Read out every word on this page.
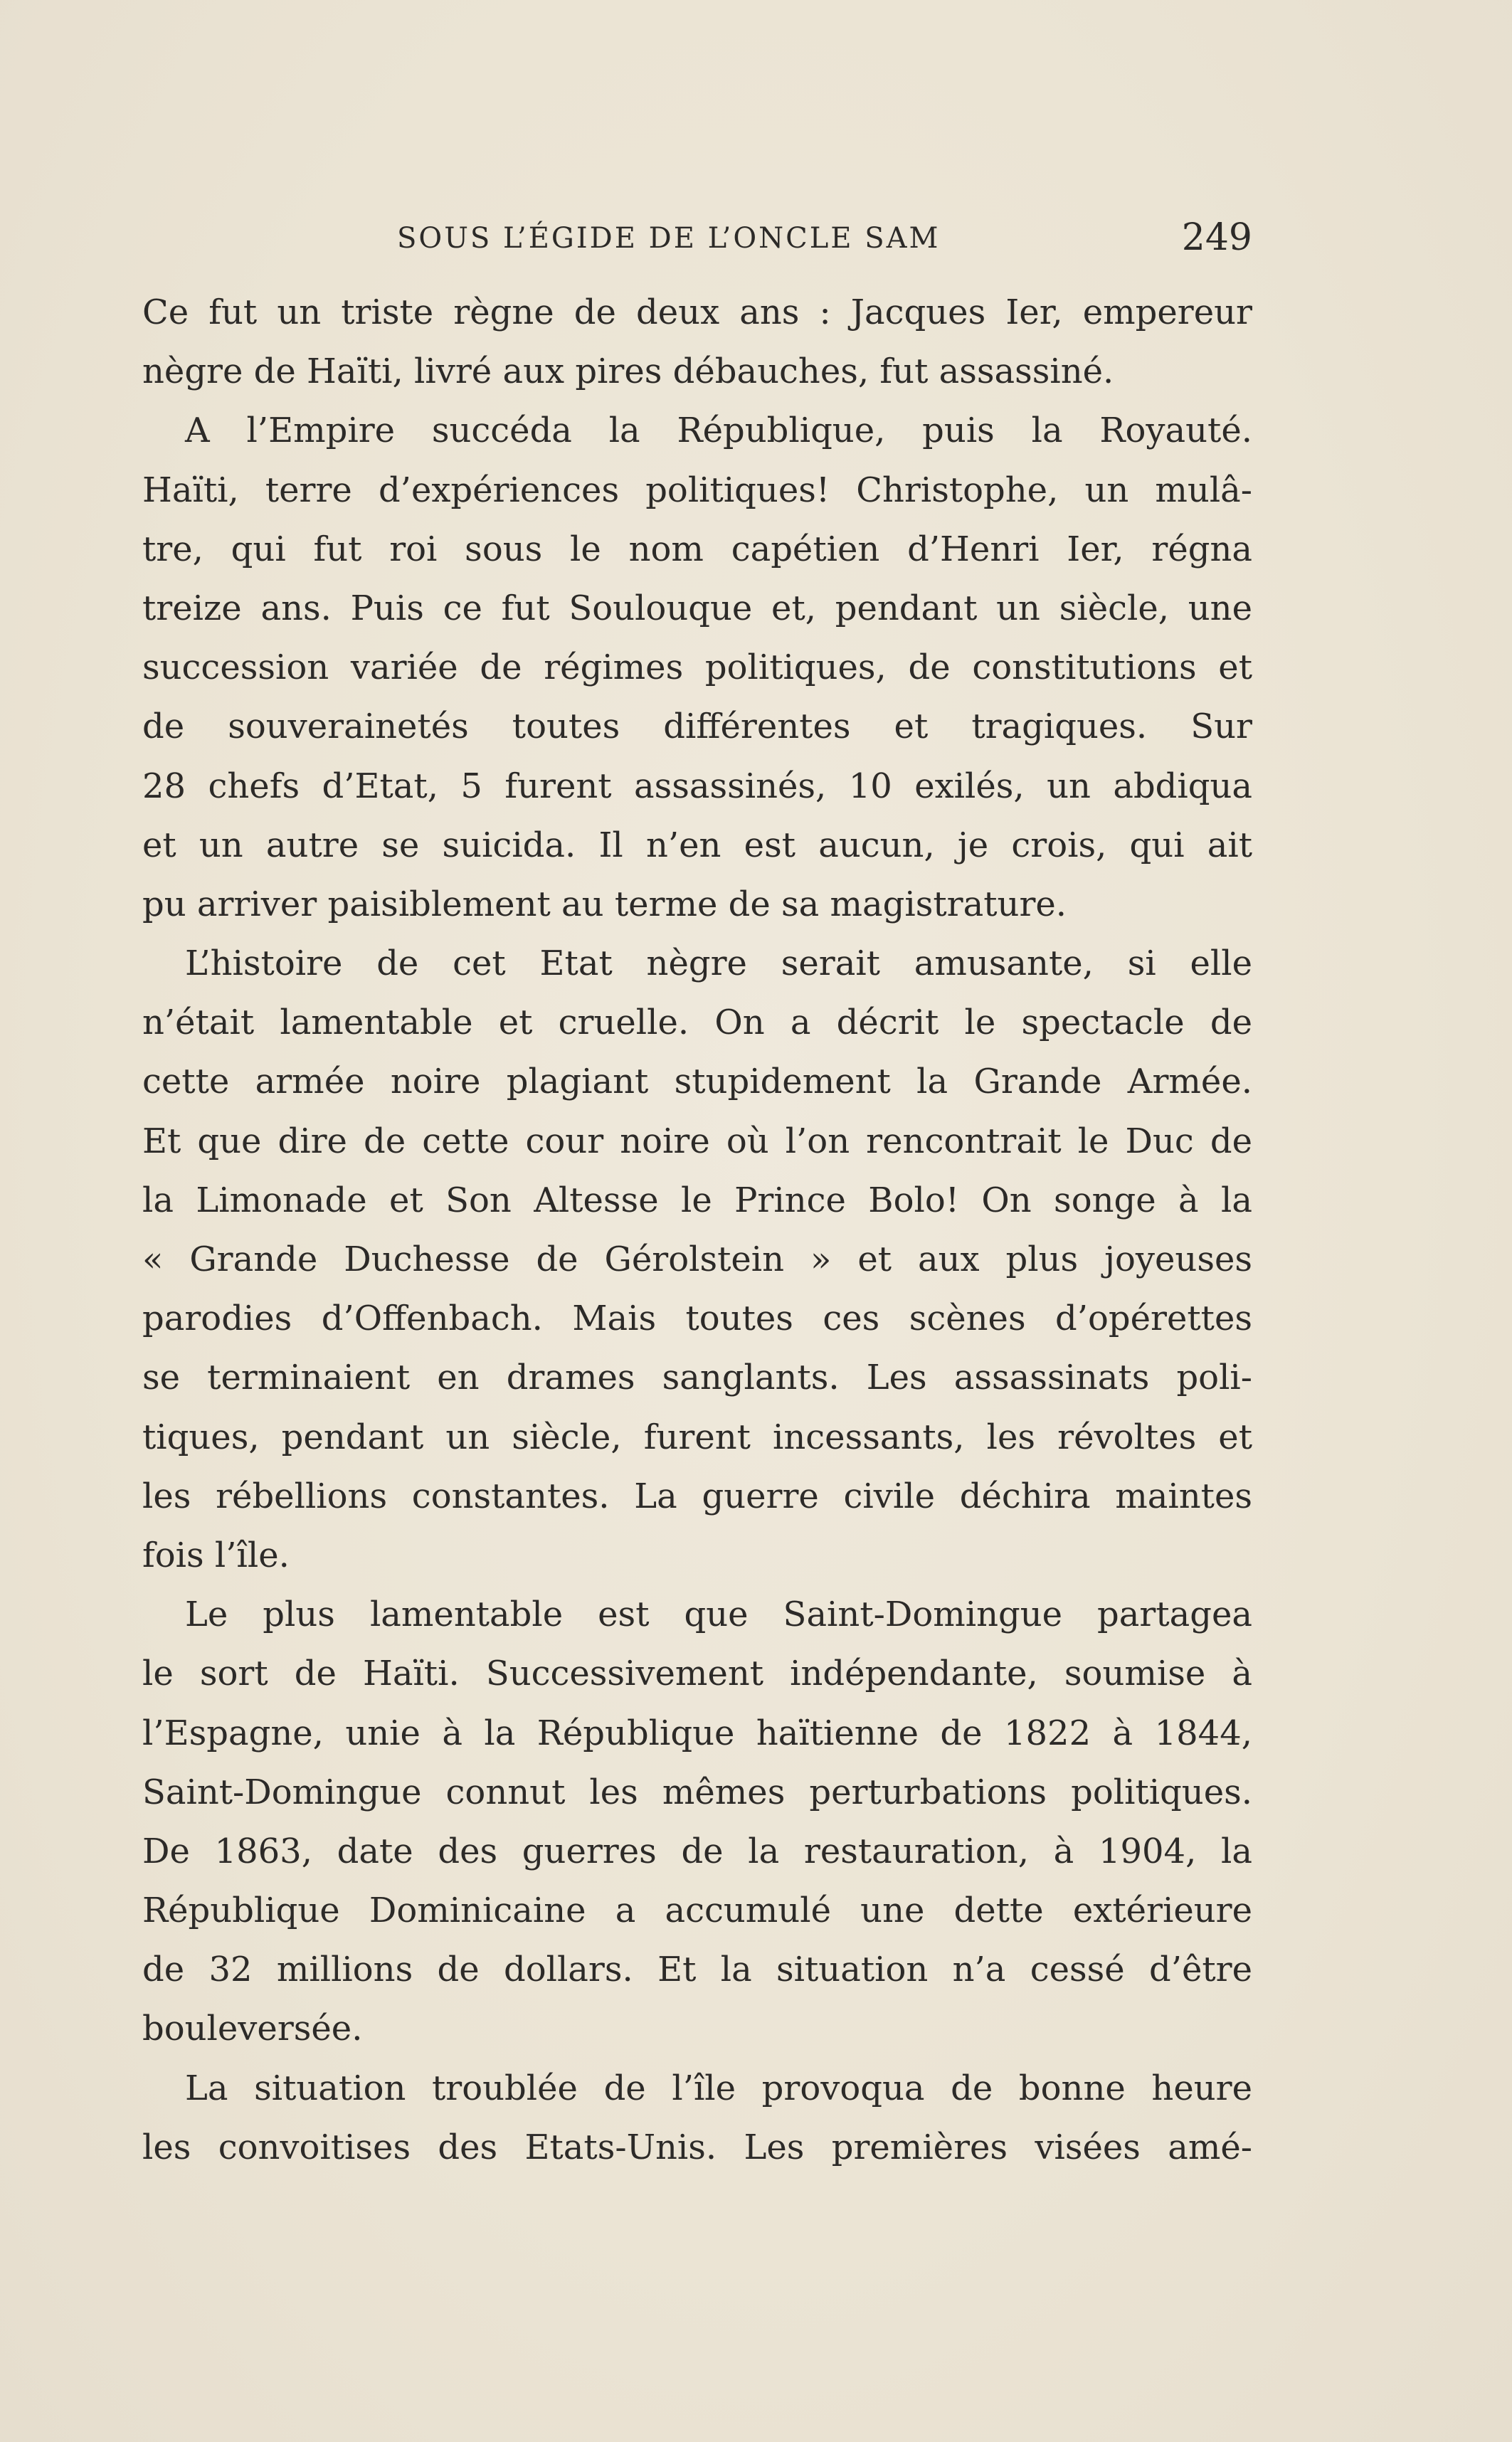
SOUS L’ÉGIDE DE L’ONCLE SAM	249
Ce fut un triste règne de deux ans : Jacques Ier, empereur
nègre de Haïti, livré aux pires débauches, fut assassiné.
A l’Empire succéda la République, puis la Royauté.
Haïti, terre d’expériences politiques! Christophe, un mulâ-
tre, qui fut roi sous le nom capétien d’Henri Ier, régna
treize ans. Puis ce fut Soulouque et, pendant un siècle, une
succession variée de régimes politiques, de constitutions et
de souverainetés toutes différentes et tragiques. Sur
28 chefs d’Etat, 5 furent assassinés, 10 exilés, un abdiqua
et un autre se suicida. Il n’en est aucun, je crois, qui ait
pu arriver paisiblement au terme de sa magistrature.
L’histoire de cet Etat nègre serait amusante, si elle
n’était lamentable et cruelle. On a décrit le spectacle de
cette armée noire plagiant stupidement la Grande Armée.
Et que dire de cette cour noire où l’on rencontrait le Duc de
la Limonade et Son Altesse le Prince Bolo! On songe à la
« Grande Duchesse de Gérolstein » et aux plus joyeuses
parodies d’Offenbach. Mais toutes ces scènes d’opérettes
se terminaient en drames sanglants. Les assassinats poli-
tiques, pendant un siècle, furent incessants, les révoltes et
les rébellions constantes. La guerre civile déchira maintes
fois l’île.
Le plus lamentable est que Saint-Domingue partagea
le sort de Haïti. Successivement indépendante, soumise à
l’Espagne, unie à la République haïtienne de 1822 à 1844,
Saint-Domingue connut les mêmes perturbations politiques.
De 1863, date des guerres de la restauration, à 1904, la
République Dominicaine a accumulé une dette extérieure
de 32 millions de dollars. Et la situation n’a cessé d’être
bouleversée.
La situation troublée de l’île provoqua de bonne heure
les convoitises des Etats-Unis. Les premières visées amé-
